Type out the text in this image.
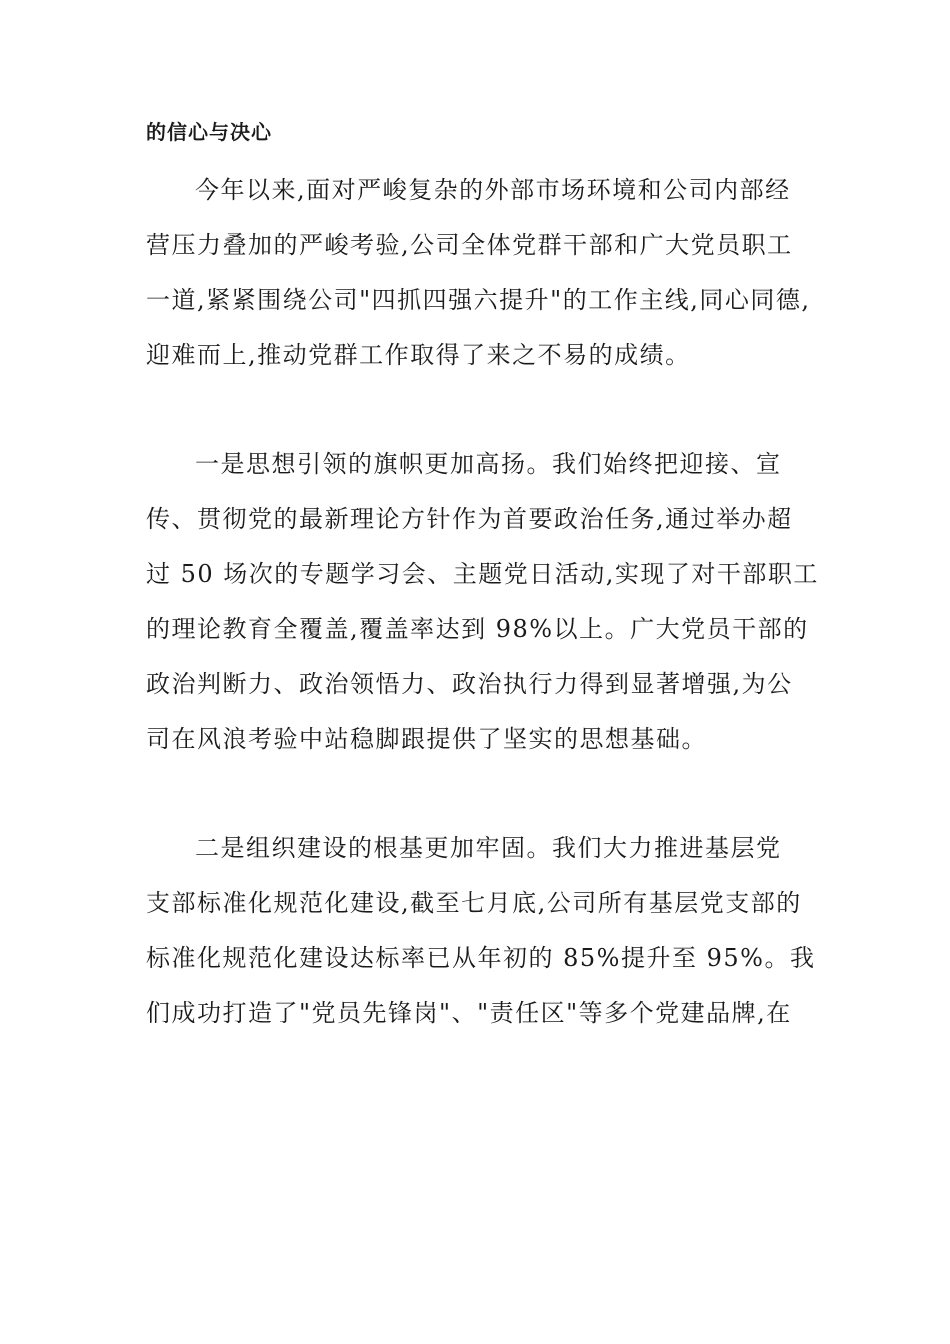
的信心与决心
今年以来,面对严峻复杂的外部市场环境和公司内部经
营压力叠加的严峻考验,公司全体党群干部和广大党员职工
一道,紧紧围绕公司"四抓四强六提升"的工作主线,同心同德,
迎难而上,推动党群工作取得了来之不易的成绩。
一是思想引领的旗帜更加高扬。我们始终把迎接、宣
传、贯彻党的最新理论方针作为首要政治任务,通过举办超
过 50 场次的专题学习会、主题党日活动,实现了对干部职工
的理论教育全覆盖,覆盖率达到 98%以上。广大党员干部的
政治判断力、政治领悟力、政治执行力得到显著增强,为公
司在风浪考验中站稳脚跟提供了坚实的思想基础。
二是组织建设的根基更加牢固。我们大力推进基层党
支部标准化规范化建设,截至七月底,公司所有基层党支部的
标准化规范化建设达标率已从年初的 85%提升至 95%。我
们成功打造了"党员先锋岗"、"责任区"等多个党建品牌,在
